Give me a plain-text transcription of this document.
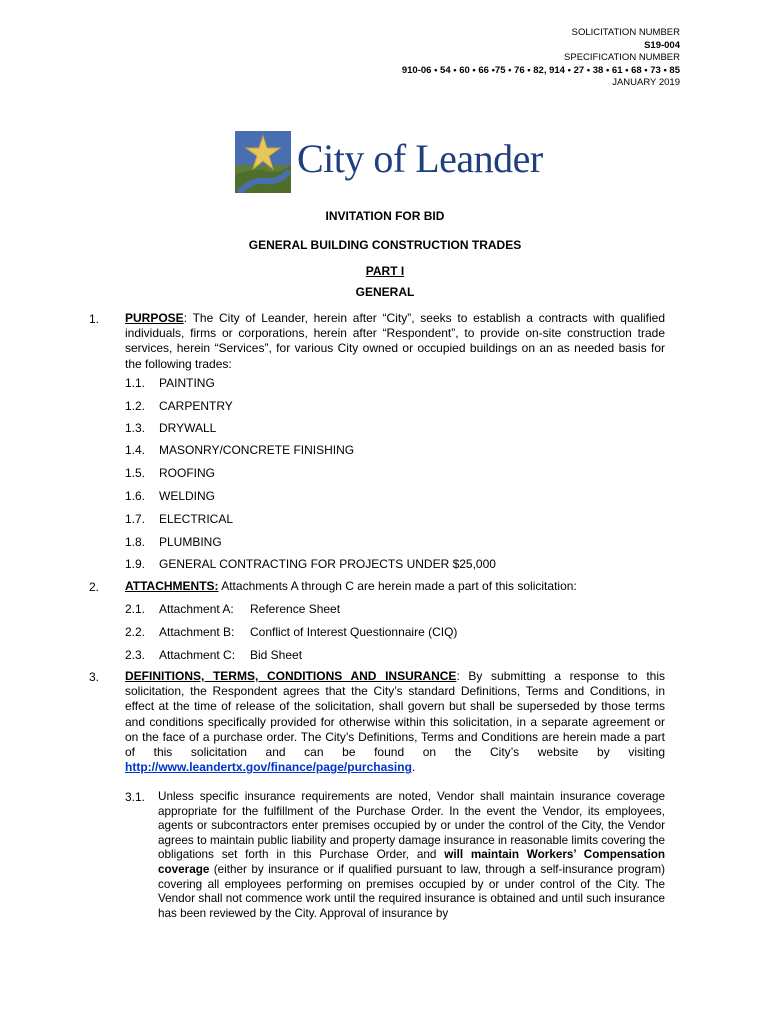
SOLICITATION NUMBER
S19-004
SPECIFICATION NUMBER
910-06 • 54 • 60 • 66 •75 • 76 • 82, 914 • 27 • 38 • 61 • 68 • 73 • 85
JANUARY 2019
City of Leander
INVITATION FOR BID
GENERAL BUILDING CONSTRUCTION TRADES
PART I
GENERAL
1. PURPOSE: The City of Leander, herein after “City”, seeks to establish a contracts with qualified individuals, firms or corporations, herein after “Respondent”, to provide on-site construction trade services, herein “Services”, for various City owned or occupied buildings on an as needed basis for the following trades:
1.1. PAINTING
1.2. CARPENTRY
1.3. DRYWALL
1.4. MASONRY/CONCRETE FINISHING
1.5. ROOFING
1.6. WELDING
1.7. ELECTRICAL
1.8. PLUMBING
1.9. GENERAL CONTRACTING FOR PROJECTS UNDER $25,000
2. ATTACHMENTS: Attachments A through C are herein made a part of this solicitation:
2.1. Attachment A: Reference Sheet
2.2. Attachment B: Conflict of Interest Questionnaire (CIQ)
2.3. Attachment C: Bid Sheet
3. DEFINITIONS, TERMS, CONDITIONS AND INSURANCE: By submitting a response to this solicitation, the Respondent agrees that the City’s standard Definitions, Terms and Conditions, in effect at the time of release of the solicitation, shall govern but shall be superseded by those terms and conditions specifically provided for otherwise within this solicitation, in a separate agreement or on the face of a purchase order. The City’s Definitions, Terms and Conditions are herein made a part of this solicitation and can be found on the City’s website by visiting http://www.leandertx.gov/finance/page/purchasing.
3.1. Unless specific insurance requirements are noted, Vendor shall maintain insurance coverage appropriate for the fulfillment of the Purchase Order. In the event the Vendor, its employees, agents or subcontractors enter premises occupied by or under the control of the City, the Vendor agrees to maintain public liability and property damage insurance in reasonable limits covering the obligations set forth in this Purchase Order, and will maintain Workers’ Compensation coverage (either by insurance or if qualified pursuant to law, through a self-insurance program) covering all employees performing on premises occupied by or under control of the City. The Vendor shall not commence work until the required insurance is obtained and until such insurance has been reviewed by the City. Approval of insurance by
